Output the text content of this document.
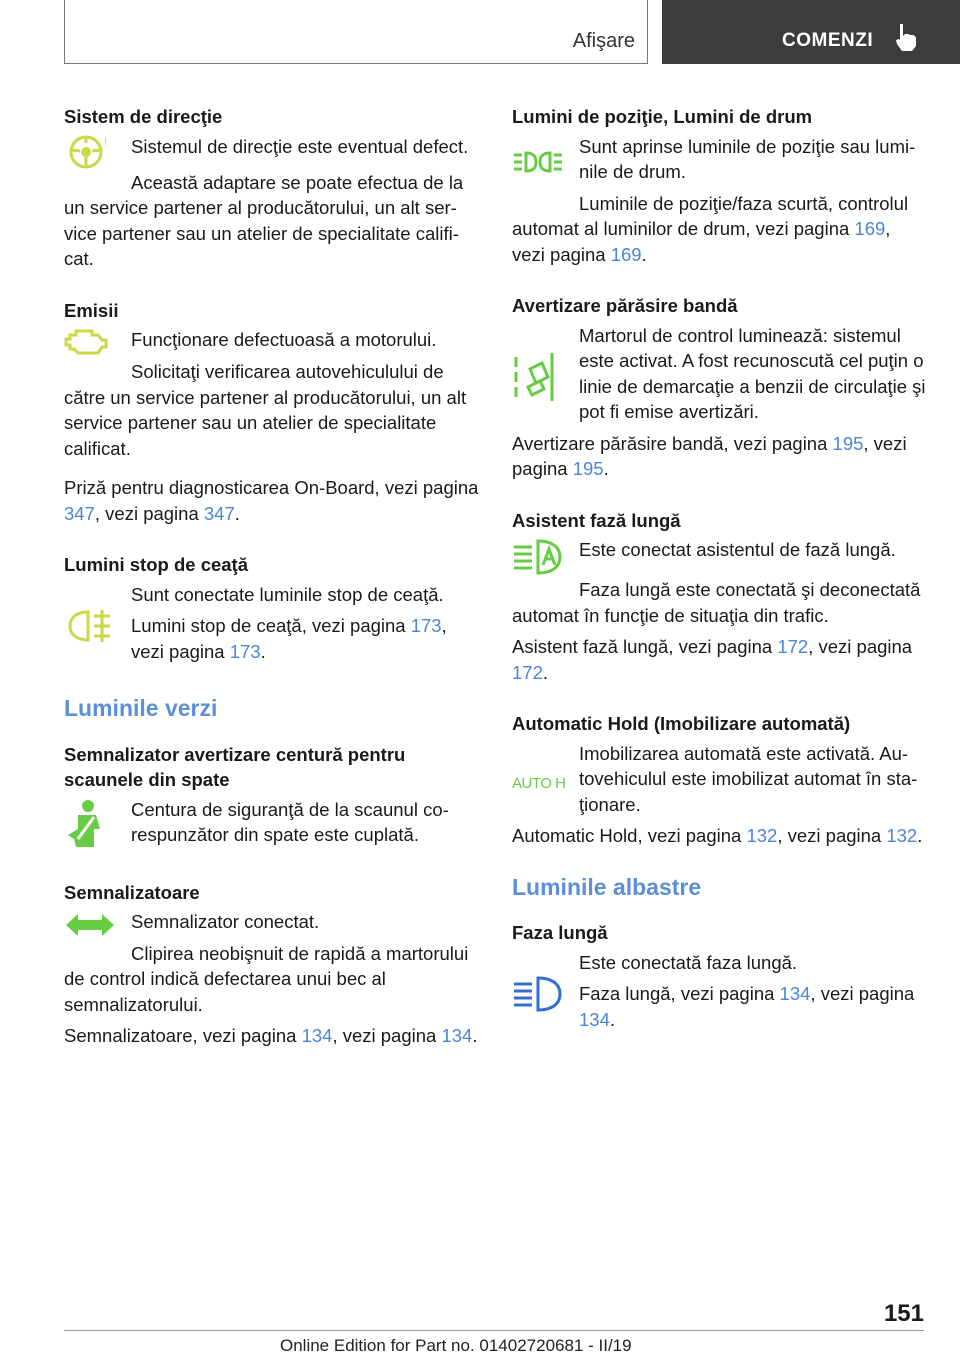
Afişare	COMENZI
Sistem de direcţie
! Sistemul de direcţie este eventual defect.

Această adaptare se poate efectua de la un service partener al producătorului, un alt service partener sau un atelier de specialitate calificat.

Emisii

Funcţionare defectuoasă a motorului.

Solicitaţi verificarea autovehiculului de către un service partener al producătorului, un alt service partener sau un atelier de specialitate calificat.

Priză pentru diagnosticarea On-Board, vezi pagina 347, vezi pagina 347.

Lumini stop de ceaţă

Sunt conectate luminile stop de ceaţă.

Lumini stop de ceaţă, vezi pagina 173, vezi pagina 173.

Luminile verzi
Semnalizator avertizare centură pentru scaunele din spate

Centura de siguranţă de la scaunul corespunzător din spate este cuplată.

Semnalizatoare

Semnalizator conectat.

Clipirea neobişnuit de rapidă a martorului de control indică defectarea unui bec al semnalizatorului.

Semnalizatoare, vezi pagina 134, vezi pagina 134.

Lumini de poziţie, Lumini de drum

Sunt aprinse luminile de poziţie sau luminile de drum.

Luminile de poziţie/faza scurtă, controlul automat al luminilor de drum, vezi pagina 169, vezi pagina 169.

Avertizare părăsire bandă

Martorul de control luminează: sistemul este activat. A fost recunoscută cel puţin o linie de demarcaţie a benzii de circulaţie şi pot fi emise avertizări.

Avertizare părăsire bandă, vezi pagina 195, vezi pagina 195.

Asistent fază lungă

Este conectat asistentul de fază lungă.

Faza lungă este conectată şi deconectată automat în funcţie de situaţia din trafic.

Asistent fază lungă, vezi pagina 172, vezi pagina 172.

Automatic Hold (Imobilizare automată)
AUTO H

Imobilizarea automată este activată. Autovehiculul este imobilizat automat în staţionare.

Automatic Hold, vezi pagina 132, vezi pagina 132.

Luminile albastre
Faza lungă

Este conectată faza lungă.

Faza lungă, vezi pagina 134, vezi pagina 134.

151
Online Edition for Part no. 01402720681 - II/19
